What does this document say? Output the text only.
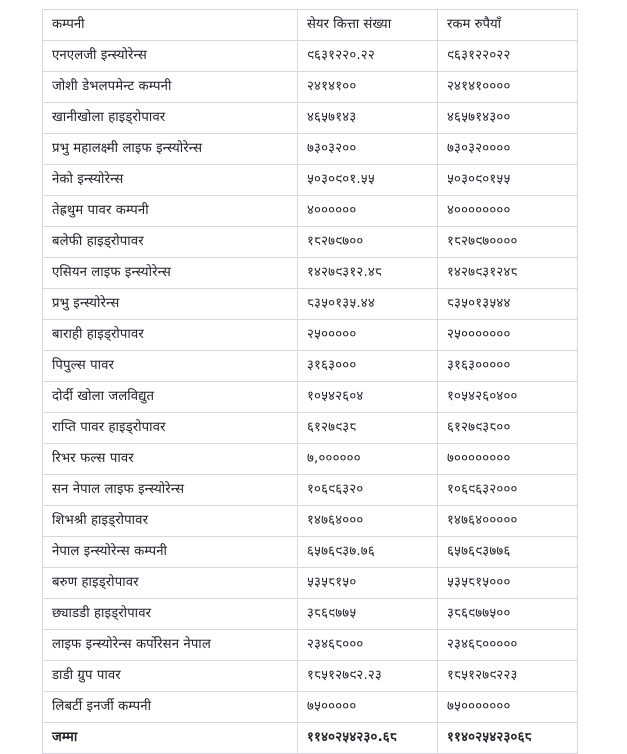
कम्पनी	सेयर कित्ता संख्या	रकम रुपैयाँ
एनएलजी इन्स्योरेन्स	९६३१२२०.२२	९६३१२२०२२
जोशी डेभलपमेन्ट कम्पनी	२४१४१००	२४१४१००००
खानीखोला हाइड्रोपावर	४६५७१४३	४६५७१४३००
प्रभु महालक्ष्मी लाइफ इन्स्योरेन्स	७३०३२००	७३०३२००००
नेको इन्स्योरेन्स	५०३०९०१.५५	५०३०९०१५५
तेह्रथुम पावर कम्पनी	४००००००	४००००००००
बलेफी हाइड्रोपावर	१८२७९७००	१८२७९७००००
एसियन लाइफ इन्स्योरेन्स	१४२७९३१२.४८	१४२७९३१२४८
प्रभु इन्स्योरेन्स	८३५०१३५.४४	८३५०१३५४४
बाराही हाइड्रोपावर	२५०००००	२५०००००००
पिपुल्स पावर	३१६३०००	३१६३०००००
दोर्दी खोला जलविद्युत	१०५४२६०४	१०५४२६०४००
राप्ति पावर हाइड्रोपावर	६१२७९३८	६१२७९३८००
रिभर फल्स पावर	७,००००००	७००००००००
सन नेपाल लाइफ इन्स्योरेन्स	१०६९६३२०	१०६९६३२०००
शिभश्री हाइड्रोपावर	१४७६४०००	१४७६४०००००
नेपाल इन्स्योरेन्स कम्पनी	६५७६९३७.७६	६५७६९३७७६
बरुण हाइड्रोपावर	५३५८१५०	५३५८१५०००
छ्याडडी हाइड्रोपावर	३८६९७७५	३८६९७७५००
लाइफ इन्स्योरेन्स कर्पोरेसन नेपाल	२३४६८०००	२३४६८०००००
डाडी ग्रुप पावर	१८५१२७९२.२३	१८५१२७९२२३
लिबर्टी इनर्जी कम्पनी	७५०००००	७५०००००००
जम्मा	११४०२५४२३०.६८	११४०२५४२३०६८
